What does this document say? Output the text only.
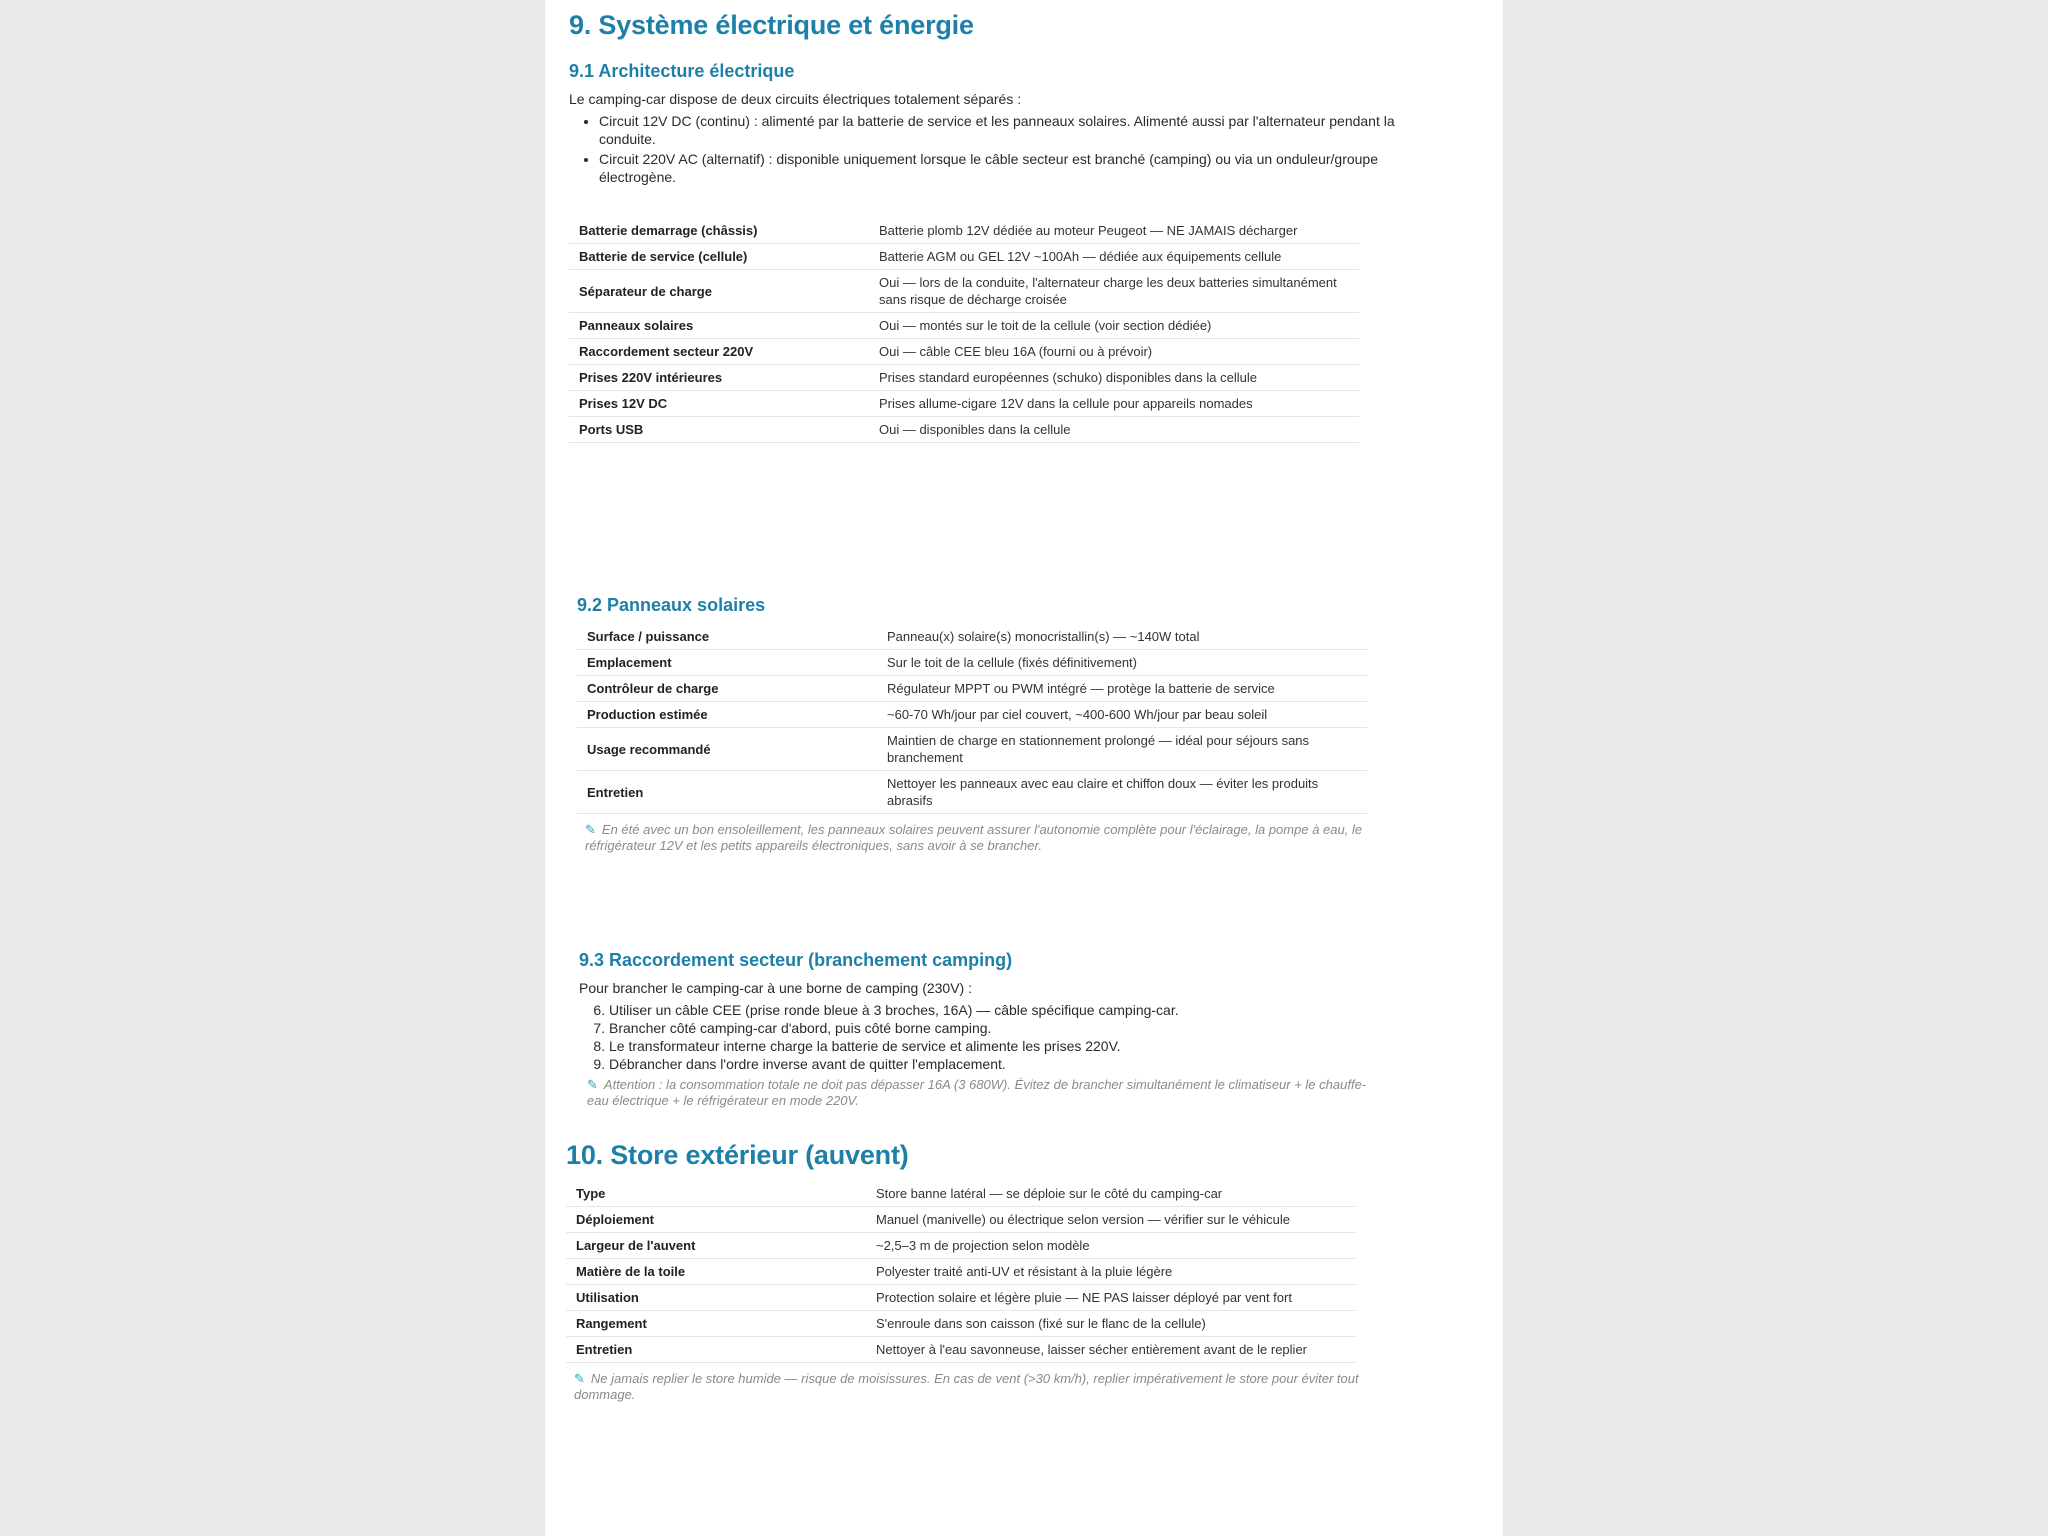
9. Système électrique et énergie
9.1 Architecture électrique

Le camping-car dispose de deux circuits électriques totalement séparés :

• Circuit 12V DC (continu) : alimenté par la batterie de service et les panneaux solaires. Alimenté aussi par l'alternateur pendant la conduite.
• Circuit 220V AC (alternatif) : disponible uniquement lorsque le câble secteur est branché (camping) ou via un onduleur/groupe électrogène.
Batterie demarrage (châssis)	Batterie plomb 12V dédiée au moteur Peugeot — NE JAMAIS décharger
Batterie de service (cellule)	Batterie AGM ou GEL 12V ~100Ah — dédiée aux équipements cellule
Séparateur de charge	Oui — lors de la conduite, l'alternateur charge les deux batteries simultanément sans risque de décharge croisée
Panneaux solaires	Oui — montés sur le toit de la cellule (voir section dédiée)
Raccordement secteur 220V	Oui — câble CEE bleu 16A (fourni ou à prévoir)
Prises 220V intérieures	Prises standard européennes (schuko) disponibles dans la cellule
Prises 12V DC	Prises allume-cigare 12V dans la cellule pour appareils nomades
Ports USB	Oui — disponibles dans la cellule
9.2 Panneaux solaires
Surface / puissance	Panneau(x) solaire(s) monocristallin(s) — ~140W total
Emplacement	Sur le toit de la cellule (fixés définitivement)
Contrôleur de charge	Régulateur MPPT ou PWM intégré — protège la batterie de service
Production estimée	~60-70 Wh/jour par ciel couvert, ~400-600 Wh/jour par beau soleil
Usage recommandé	Maintien de charge en stationnement prolongé — idéal pour séjours sans branchement
Entretien	Nettoyer les panneaux avec eau claire et chiffon doux — éviter les produits abrasifs
✎ En été avec un bon ensoleillement, les panneaux solaires peuvent assurer l'autonomie complète pour l'éclairage, la pompe à eau, le réfrigérateur 12V et les petits appareils électroniques, sans avoir à se brancher.
9.3 Raccordement secteur (branchement camping)

Pour brancher le camping-car à une borne de camping (230V) :

6. Utiliser un câble CEE (prise ronde bleue à 3 broches, 16A) — câble spécifique camping-car.
7. Brancher côté camping-car d'abord, puis côté borne camping.
8. Le transformateur interne charge la batterie de service et alimente les prises 220V.
9. Débrancher dans l'ordre inverse avant de quitter l'emplacement.
✎ Attention : la consommation totale ne doit pas dépasser 16A (3 680W). Évitez de brancher simultanément le climatiseur + le chauffe-eau électrique + le réfrigérateur en mode 220V.
10. Store extérieur (auvent)
Type	Store banne latéral — se déploie sur le côté du camping-car
Déploiement	Manuel (manivelle) ou électrique selon version — vérifier sur le véhicule
Largeur de l'auvent	~2,5–3 m de projection selon modèle
Matière de la toile	Polyester traité anti-UV et résistant à la pluie légère
Utilisation	Protection solaire et légère pluie — NE PAS laisser déployé par vent fort
Rangement	S'enroule dans son caisson (fixé sur le flanc de la cellule)
Entretien	Nettoyer à l'eau savonneuse, laisser sécher entièrement avant de le replier
✎ Ne jamais replier le store humide — risque de moisissures. En cas de vent (>30 km/h), replier impérativement le store pour éviter tout dommage.
